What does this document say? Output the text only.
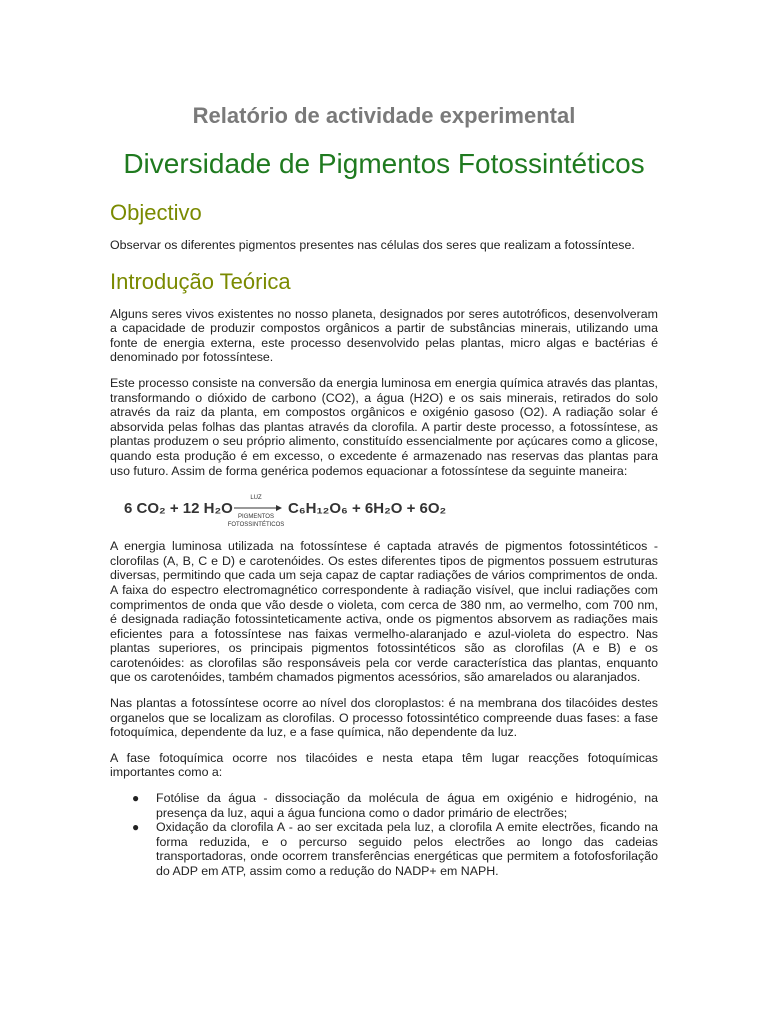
Relatório de actividade experimental
Diversidade de Pigmentos Fotossintéticos
Objectivo

Observar os diferentes pigmentos presentes nas células dos seres que realizam a fotossíntese.

Introdução Teórica

Alguns seres vivos existentes no nosso planeta, designados por seres autotróficos, desenvolveram a capacidade de produzir compostos orgânicos a partir de substâncias minerais, utilizando uma fonte de energia externa, este processo desenvolvido pelas plantas, micro algas e bactérias é denominado por fotossíntese.

Este processo consiste na conversão da energia luminosa em energia química através das plantas, transformando o dióxido de carbono (CO2), a água (H2O) e os sais minerais, retirados do solo através da raiz da planta, em compostos orgânicos e oxigénio gasoso (O2). A radiação solar é absorvida pelas folhas das plantas através da clorofila. A partir deste processo, a fotossíntese, as plantas produzem o seu próprio alimento, constituído essencialmente por açúcares como a glicose, quando esta produção é em excesso, o excedente é armazenado nas reservas das plantas para uso futuro. Assim de forma genérica podemos equacionar a fotossíntese da seguinte maneira:

6 CO₂ + 12 H₂O
LUZ
PIGMENTOS
FOTOSSINTÉTICOS
C₆H₁₂O₆ + 6H₂O + 6O₂

A energia luminosa utilizada na fotossíntese é captada através de pigmentos fotossintéticos - clorofilas (A, B, C e D) e carotenóides. Os estes diferentes tipos de pigmentos possuem estruturas diversas, permitindo que cada um seja capaz de captar radiações de vários comprimentos de onda. A faixa do espectro electromagnético correspondente à radiação visível, que inclui radiações com comprimentos de onda que vão desde o violeta, com cerca de 380 nm, ao vermelho, com 700 nm, é designada radiação fotossinteticamente activa, onde os pigmentos absorvem as radiações mais eficientes para a fotossíntese nas faixas vermelho-alaranjado e azul-violeta do espectro. Nas plantas superiores, os principais pigmentos fotossintéticos são as clorofilas (A e B) e os carotenóides: as clorofilas são responsáveis pela cor verde característica das plantas, enquanto que os carotenóides, também chamados pigmentos acessórios, são amarelados ou alaranjados.

Nas plantas a fotossíntese ocorre ao nível dos cloroplastos: é na membrana dos tilacóides destes organelos que se localizam as clorofilas. O processo fotossintético compreende duas fases: a fase fotoquímica, dependente da luz, e a fase química, não dependente da luz.

A fase fotoquímica ocorre nos tilacóides e nesta etapa têm lugar reacções fotoquímicas importantes como a:

● Fotólise da água - dissociação da molécula de água em oxigénio e hidrogénio, na presença da luz, aqui a água funciona como o dador primário de electrões;
● Oxidação da clorofila A - ao ser excitada pela luz, a clorofila A emite electrões, ficando na forma reduzida, e o percurso seguido pelos electrões ao longo das cadeias transportadoras, onde ocorrem transferências energéticas que permitem a fotofosforilação do ADP em ATP, assim como a redução do NADP+ em NAPH.
